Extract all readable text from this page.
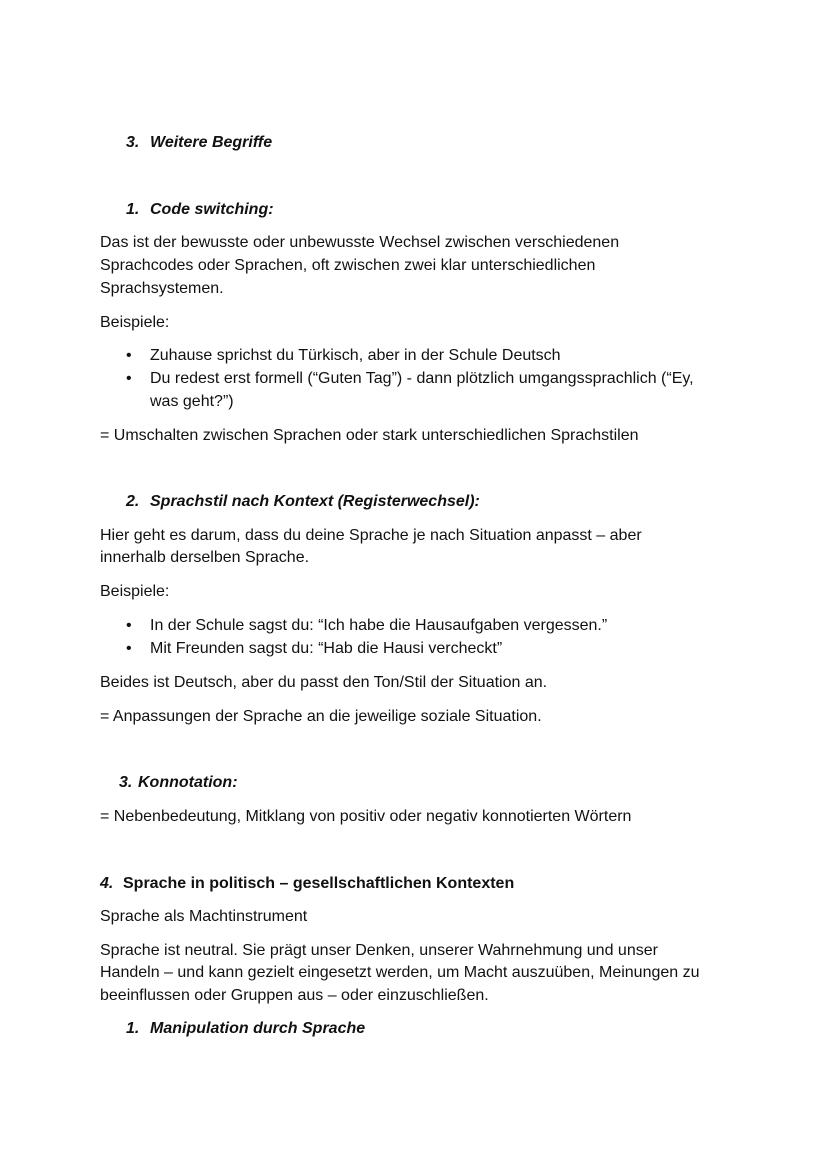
3. Weitere Begriffe
1. Code switching:
Das ist der bewusste oder unbewusste Wechsel zwischen verschiedenen
Sprachcodes oder Sprachen, oft zwischen zwei klar unterschiedlichen
Sprachsystemen.
Beispiele:
• Zuhause sprichst du Türkisch, aber in der Schule Deutsch
• Du redest erst formell (“Guten Tag”) - dann plötzlich umgangssprachlich (“Ey,
was geht?”)
= Umschalten zwischen Sprachen oder stark unterschiedlichen Sprachstilen
2. Sprachstil nach Kontext (Registerwechsel):
Hier geht es darum, dass du deine Sprache je nach Situation anpasst – aber
innerhalb derselben Sprache.
Beispiele:
• In der Schule sagst du: “Ich habe die Hausaufgaben vergessen.”
• Mit Freunden sagst du: “Hab die Hausi vercheckt”
Beides ist Deutsch, aber du passt den Ton/Stil der Situation an.
= Anpassungen der Sprache an die jeweilige soziale Situation.
3. Konnotation:
= Nebenbedeutung, Mitklang von positiv oder negativ konnotierten Wörtern
4. Sprache in politisch – gesellschaftlichen Kontexten
Sprache als Machtinstrument
Sprache ist neutral. Sie prägt unser Denken, unserer Wahrnehmung und unser
Handeln – und kann gezielt eingesetzt werden, um Macht auszuüben, Meinungen zu
beeinflussen oder Gruppen aus – oder einzuschließen.
1. Manipulation durch Sprache
